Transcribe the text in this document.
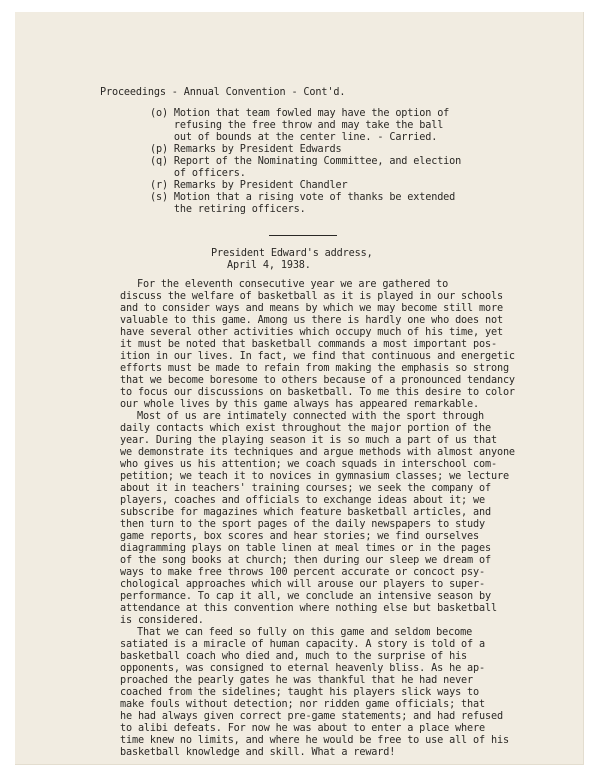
Proceedings - Annual Convention - Cont'd.
(o) Motion that team fowled may have the option of
refusing the free throw and may take the ball
out of bounds at the center line. - Carried.
(p) Remarks by President Edwards
(q) Report of the Nominating Committee, and election
of officers.
(r) Remarks by President Chandler
(s) Motion that a rising vote of thanks be extended
the retiring officers.
President Edward's address,
April 4, 1938.
For the eleventh consecutive year we are gathered to
discuss the welfare of basketball as it is played in our schools
and to consider ways and means by which we may become still more
valuable to this game. Among us there is hardly one who does not
have several other activities which occupy much of his time, yet
it must be noted that basketball commands a most important pos-
ition in our lives. In fact, we find that continuous and energetic
efforts must be made to refain from making the emphasis so strong
that we become boresome to others because of a pronounced tendancy
to focus our discussions on basketball. To me this desire to color
our whole lives by this game always has appeared remarkable.
Most of us are intimately connected with the sport through
daily contacts which exist throughout the major portion of the
year. During the playing season it is so much a part of us that
we demonstrate its techniques and argue methods with almost anyone
who gives us his attention; we coach squads in interschool com-
petition; we teach it to novices in gymnasium classes; we lecture
about it in teachers' training courses; we seek the company of
players, coaches and officials to exchange ideas about it; we
subscribe for magazines which feature basketball articles, and
then turn to the sport pages of the daily newspapers to study
game reports, box scores and hear stories; we find ourselves
diagramming plays on table linen at meal times or in the pages
of the song books at church; then during our sleep we dream of
ways to make free throws 100 percent accurate or concoct psy-
chological approaches which will arouse our players to super-
performance. To cap it all, we conclude an intensive season by
attendance at this convention where nothing else but basketball
is considered.
That we can feed so fully on this game and seldom become
satiated is a miracle of human capacity. A story is told of a
basketball coach who died and, much to the surprise of his
opponents, was consigned to eternal heavenly bliss. As he ap-
proached the pearly gates he was thankful that he had never
coached from the sidelines; taught his players slick ways to
make fouls without detection; nor ridden game officials; that
he had always given correct pre-game statements; and had refused
to alibi defeats. For now he was about to enter a place where
time knew no limits, and where he would be free to use all of his
basketball knowledge and skill. What a reward!
